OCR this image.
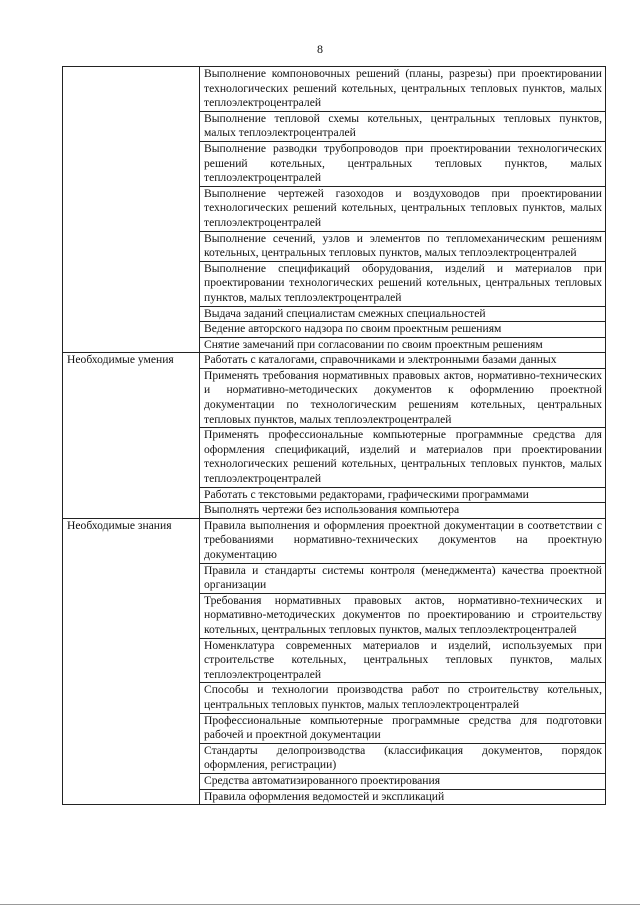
8
	Выполнение компоновочных решений (планы, разрезы) при проектировании технологических решений котельных, центральных тепловых пунктов, малых теплоэлектроцентралей
	Выполнение тепловой схемы котельных, центральных тепловых пунктов, малых теплоэлектроцентралей
	Выполнение разводки трубопроводов при проектировании технологических решений котельных, центральных тепловых пунктов, малых теплоэлектроцентралей
	Выполнение чертежей газоходов и воздуховодов при проектировании технологических решений котельных, центральных тепловых пунктов, малых теплоэлектроцентралей
	Выполнение сечений, узлов и элементов по тепломеханическим решениям котельных, центральных тепловых пунктов, малых теплоэлектроцентралей
	Выполнение спецификаций оборудования, изделий и материалов при проектировании технологических решений котельных, центральных тепловых пунктов, малых теплоэлектроцентралей
	Выдача заданий специалистам смежных специальностей
	Ведение авторского надзора по своим проектным решениям
	Снятие замечаний при согласовании по своим проектным решениям
Необходимые умения	Работать с каталогами, справочниками и электронными базами данных
	Применять требования нормативных правовых актов, нормативно-технических и нормативно-методических документов к оформлению проектной документации по технологическим решениям котельных, центральных тепловых пунктов, малых теплоэлектроцентралей
	Применять профессиональные компьютерные программные средства для оформления спецификаций, изделий и материалов при проектировании технологических решений котельных, центральных тепловых пунктов, малых теплоэлектроцентралей
	Работать с текстовыми редакторами, графическими программами
	Выполнять чертежи без использования компьютера
Необходимые знания	Правила выполнения и оформления проектной документации в соответствии с требованиями нормативно-технических документов на проектную документацию
	Правила и стандарты системы контроля (менеджмента) качества проектной организации
	Требования нормативных правовых актов, нормативно-технических и нормативно-методических документов по проектированию и строительству котельных, центральных тепловых пунктов, малых теплоэлектроцентралей
	Номенклатура современных материалов и изделий, используемых при строительстве котельных, центральных тепловых пунктов, малых теплоэлектроцентралей
	Способы и технологии производства работ по строительству котельных, центральных тепловых пунктов, малых теплоэлектроцентралей
	Профессиональные компьютерные программные средства для подготовки рабочей и проектной документации
	Стандарты делопроизводства (классификация документов, порядок оформления, регистрации)
	Средства автоматизированного проектирования
	Правила оформления ведомостей и экспликаций
